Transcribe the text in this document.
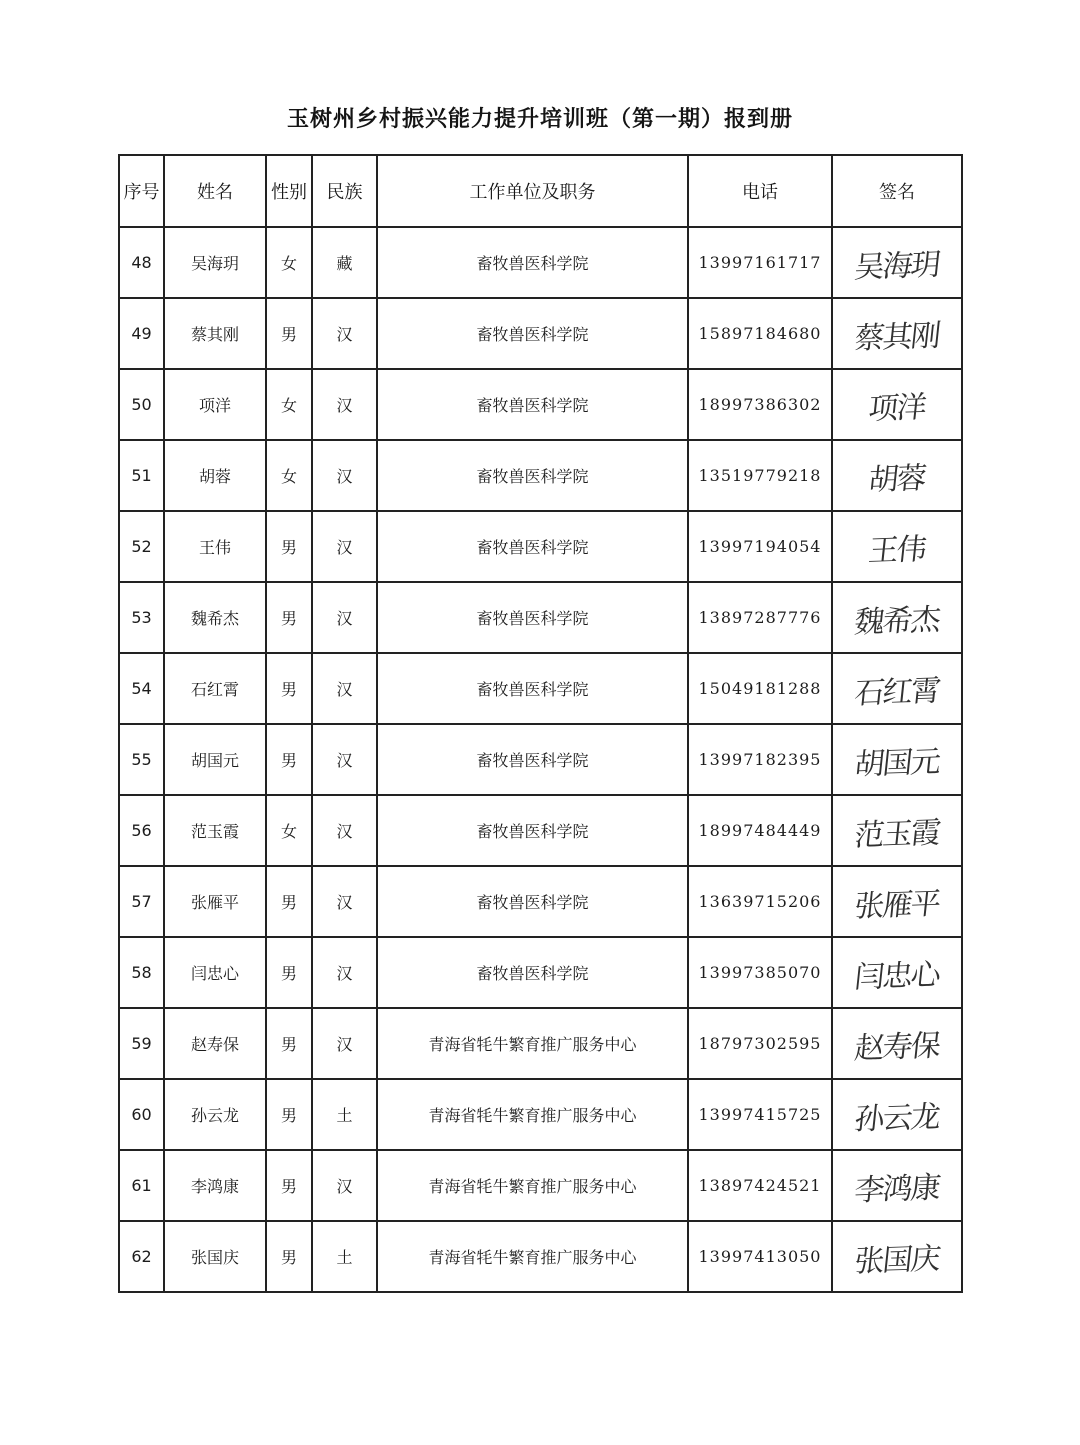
玉树州乡村振兴能力提升培训班（第一期）报到册
序号	姓名	性别	民族	工作单位及职务	电话	签名
48	吴海玥	女	藏	畜牧兽医科学院	13997161717	吴海玥
49	蔡其刚	男	汉	畜牧兽医科学院	15897184680	蔡其刚
50	项洋	女	汉	畜牧兽医科学院	18997386302	项洋
51	胡蓉	女	汉	畜牧兽医科学院	13519779218	胡蓉
52	王伟	男	汉	畜牧兽医科学院	13997194054	王伟
53	魏希杰	男	汉	畜牧兽医科学院	13897287776	魏希杰
54	石红霄	男	汉	畜牧兽医科学院	15049181288	石红霄
55	胡国元	男	汉	畜牧兽医科学院	13997182395	胡国元
56	范玉霞	女	汉	畜牧兽医科学院	18997484449	范玉霞
57	张雁平	男	汉	畜牧兽医科学院	13639715206	张雁平
58	闫忠心	男	汉	畜牧兽医科学院	13997385070	闫忠心
59	赵寿保	男	汉	青海省牦牛繁育推广服务中心	18797302595	赵寿保
60	孙云龙	男	土	青海省牦牛繁育推广服务中心	13997415725	孙云龙
61	李鸿康	男	汉	青海省牦牛繁育推广服务中心	13897424521	李鸿康
62	张国庆	男	土	青海省牦牛繁育推广服务中心	13997413050	张国庆
